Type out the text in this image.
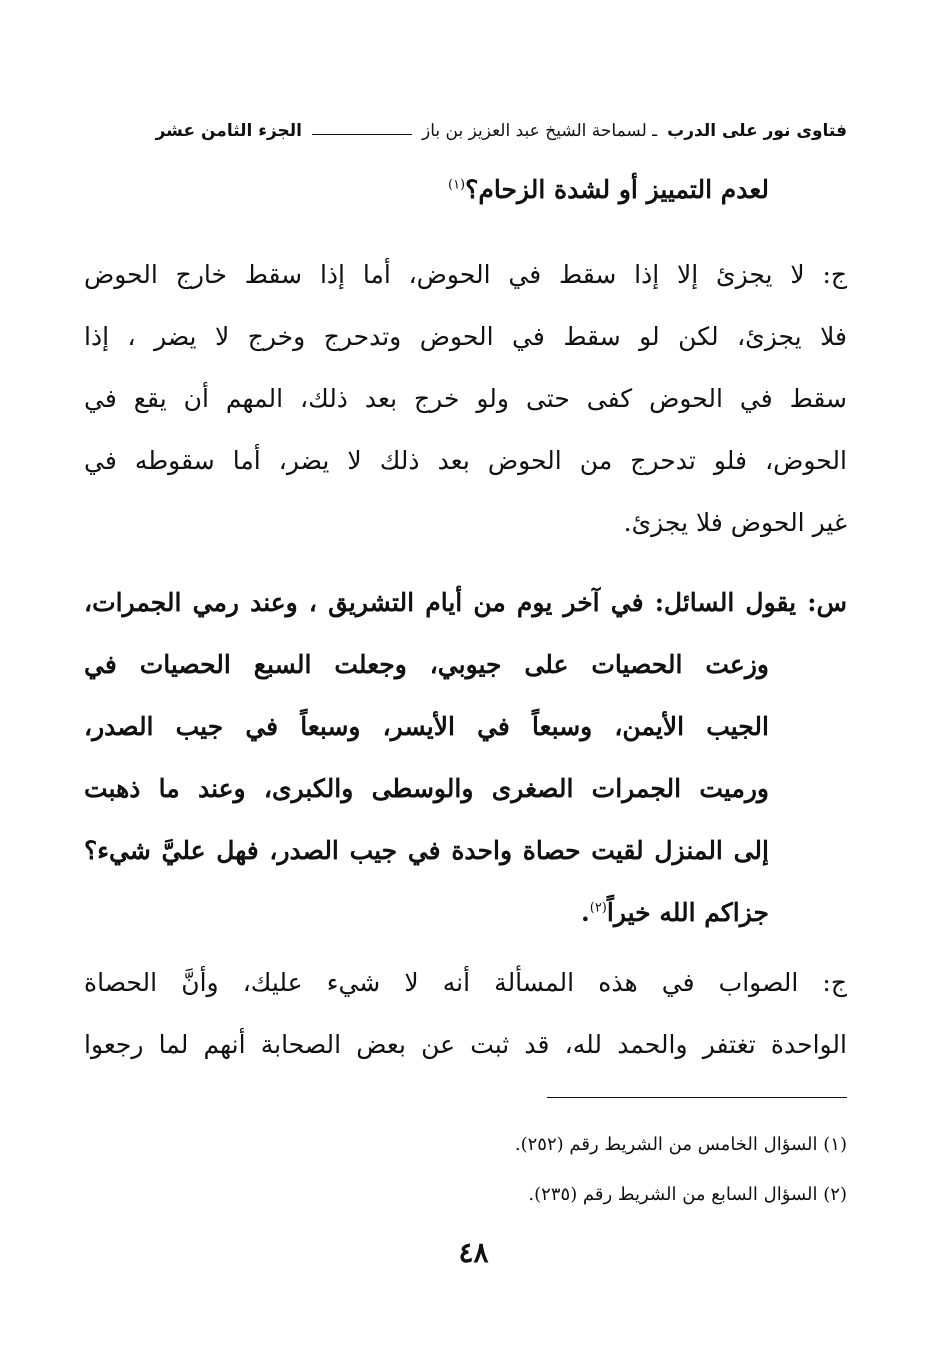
فتاوى نور على الدرب
ـ لسماحة الشيخ عبد العزيز بن باز
الجزء الثامن عشر
لعدم التمييز أو لشدة الزحام؟$^{(١)}$
ج: لا يجزئ إلا إذا سقط في الحوض، أما إذا سقط خارج الحوض
فلا يجزئ، لكن لو سقط في الحوض وتدحرج وخرج لا يضر ، إذا
سقط في الحوض كفى حتى ولو خرج بعد ذلك، المهم أن يقع في
الحوض، فلو تدحرج من الحوض بعد ذلك لا يضر، أما سقوطه في
غير الحوض فلا يجزئ.
س: يقول السائل: في آخر يوم من أيام التشريق ، وعند رمي الجمرات،
وزعت الحصيات على جيوبي، وجعلت السبع الحصيات في
الجيب الأيمن، وسبعاً في الأيسر، وسبعاً في جيب الصدر،
ورميت الجمرات الصغرى والوسطى والكبرى، وعند ما ذهبت
إلى المنزل لقيت حصاة واحدة في جيب الصدر، فهل عليَّ شيء؟
جزاكم الله خيراً$^{(٢)}$.
ج: الصواب في هذه المسألة أنه لا شيء عليك، وأنَّ الحصاة
الواحدة تغتفر والحمد لله، قد ثبت عن بعض الصحابة أنهم لما رجعوا
(١) السؤال الخامس من الشريط رقم (٢٥٢).
(٢) السؤال السابع من الشريط رقم (٢٣٥).
٤٨
